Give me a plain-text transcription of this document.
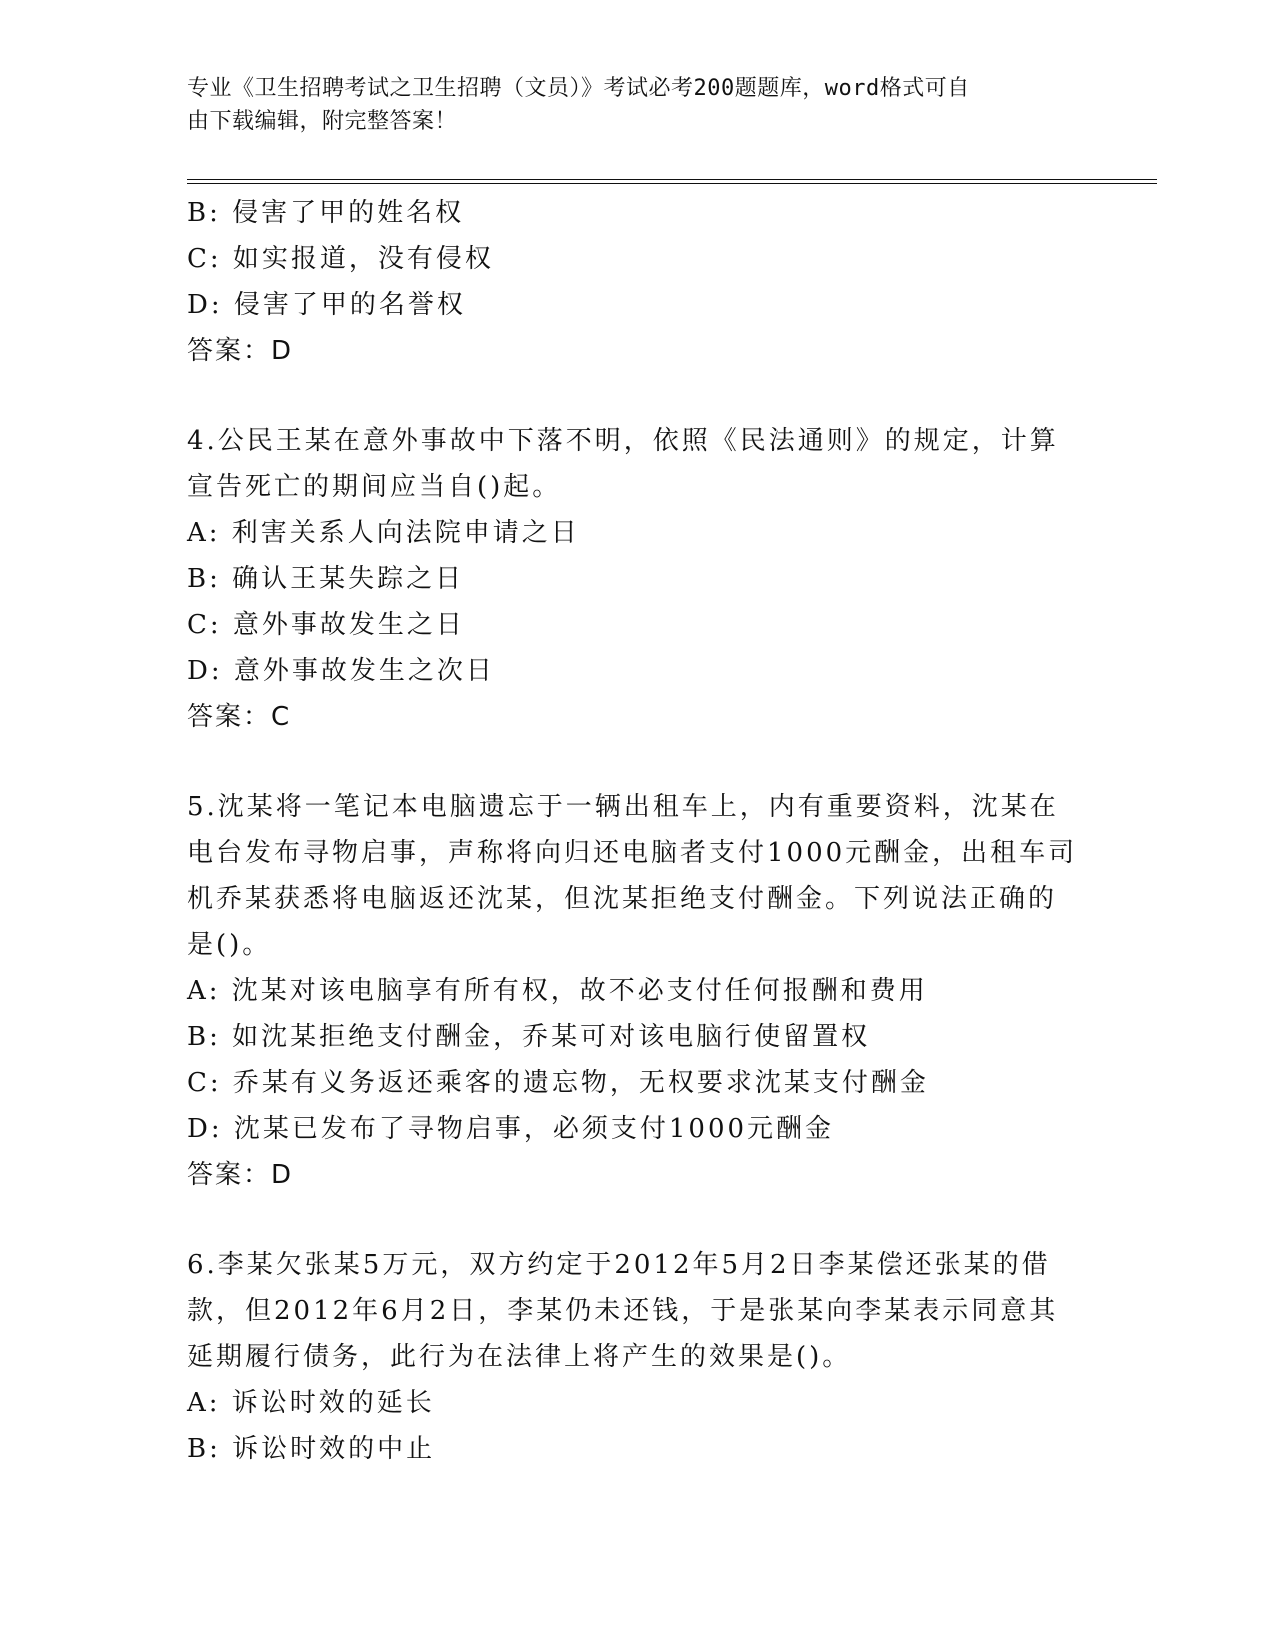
专业《卫生招聘考试之卫生招聘（文员）》考试必考200题题库，word格式可自
由下载编辑，附完整答案！
B: 侵害了甲的姓名权
C: 如实报道，没有侵权
D: 侵害了甲的名誉权
答案：D
4.公民王某在意外事故中下落不明，依照《民法通则》的规定，计算
宣告死亡的期间应当自()起。
A: 利害关系人向法院申请之日
B: 确认王某失踪之日
C: 意外事故发生之日
D: 意外事故发生之次日
答案：C
5.沈某将一笔记本电脑遗忘于一辆出租车上，内有重要资料，沈某在
电台发布寻物启事，声称将向归还电脑者支付1000元酬金，出租车司
机乔某获悉将电脑返还沈某，但沈某拒绝支付酬金。下列说法正确的
是()。
A: 沈某对该电脑享有所有权，故不必支付任何报酬和费用
B: 如沈某拒绝支付酬金，乔某可对该电脑行使留置权
C: 乔某有义务返还乘客的遗忘物，无权要求沈某支付酬金
D: 沈某已发布了寻物启事，必须支付1000元酬金
答案：D
6.李某欠张某5万元，双方约定于2012年5月2日李某偿还张某的借
款，但2012年6月2日，李某仍未还钱，于是张某向李某表示同意其
延期履行债务，此行为在法律上将产生的效果是()。
A: 诉讼时效的延长
B: 诉讼时效的中止
